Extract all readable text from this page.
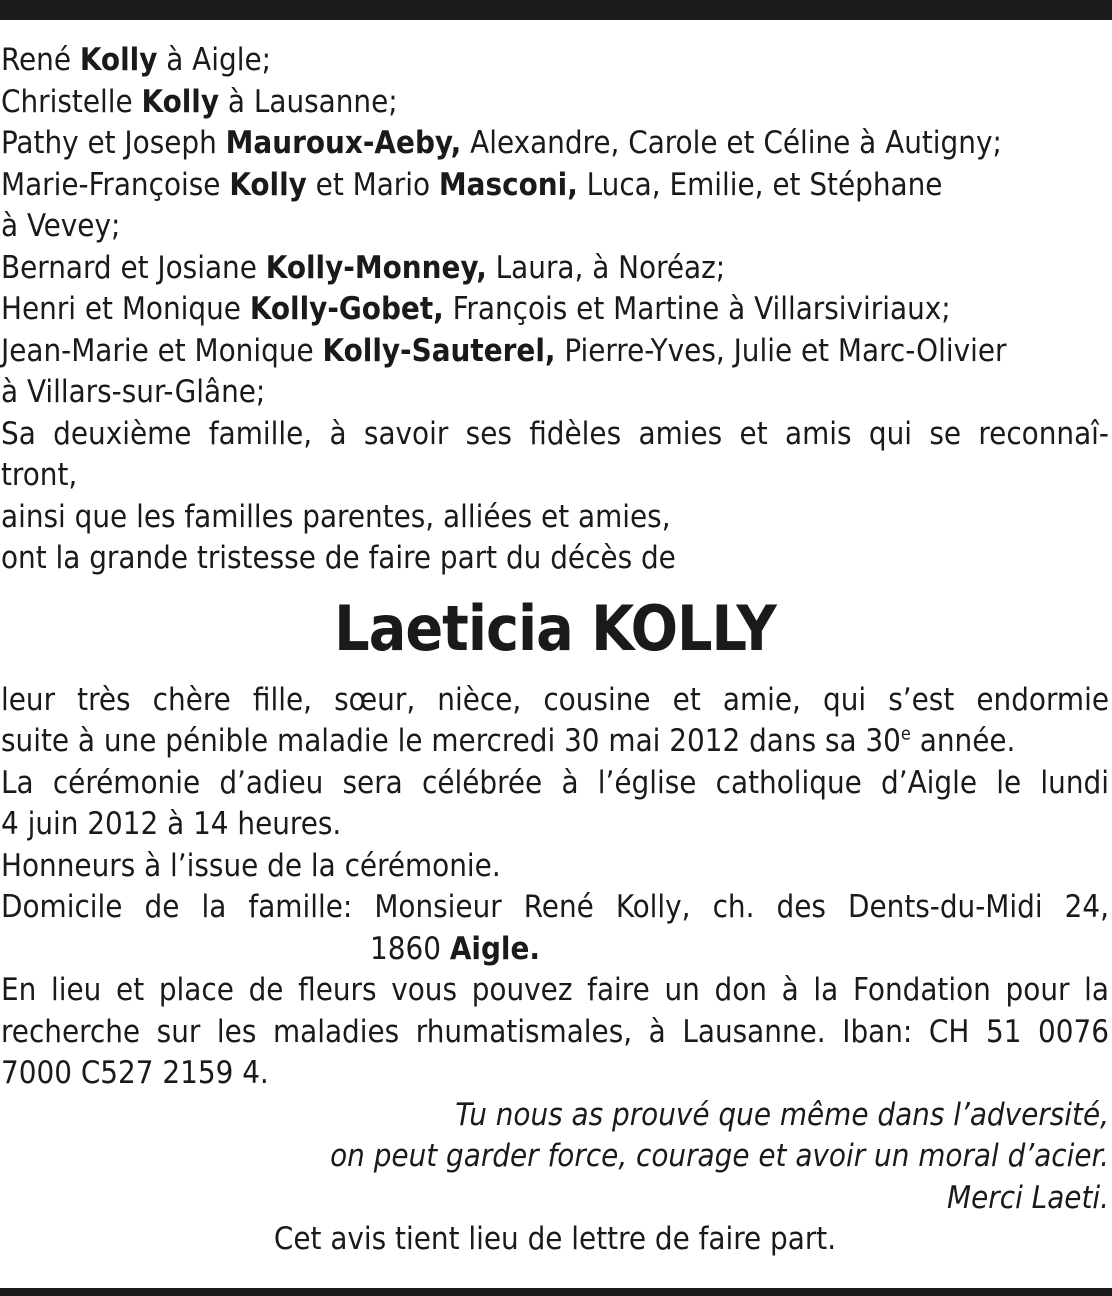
René Kolly à Aigle;
Christelle Kolly à Lausanne;
Pathy et Joseph Mauroux-Aeby, Alexandre, Carole et Céline à Autigny;
Marie-Françoise Kolly et Mario Masconi, Luca, Emilie, et Stéphane
à Vevey;
Bernard et Josiane Kolly-Monney, Laura, à Noréaz;
Henri et Monique Kolly-Gobet, François et Martine à Villarsiviriaux;
Jean-Marie et Monique Kolly-Sauterel, Pierre-Yves, Julie et Marc-Olivier
à Villars-sur-Glâne;
Sa deuxième famille, à savoir ses fidèles amies et amis qui se reconnaî-
tront,
ainsi que les familles parentes, alliées et amies,
ont la grande tristesse de faire part du décès de
Laeticia KOLLY
leur très chère fille, sœur, nièce, cousine et amie, qui s’est endormie
suite à une pénible maladie le mercredi 30 mai 2012 dans sa 30e année.
La cérémonie d’adieu sera célébrée à l’église catholique d’Aigle le lundi
4 juin 2012 à 14 heures.
Honneurs à l’issue de la cérémonie.
Domicile de la famille: Monsieur René Kolly, ch. des Dents-du-Midi 24,
1860 Aigle.
En lieu et place de fleurs vous pouvez faire un don à la Fondation pour la
recherche sur les maladies rhumatismales, à Lausanne. Iban: CH 51 0076
7000 C527 2159 4.
Tu nous as prouvé que même dans l’adversité,
on peut garder force, courage et avoir un moral d’acier.
Merci Laeti.
Cet avis tient lieu de lettre de faire part.
